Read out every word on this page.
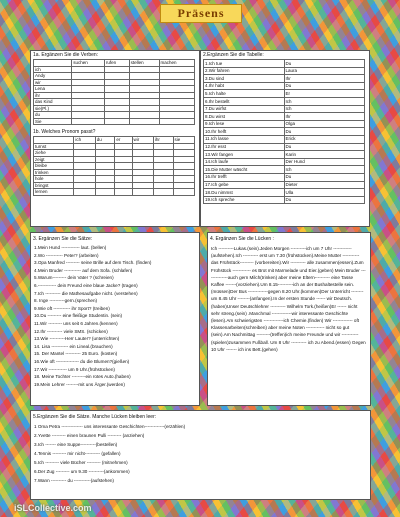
Präsens
1a. Ergänzen Sie die Verben:
	suchen	rufen	stellen	machen
ich				
Andy				
wir				
Lena				
ihr				
das Kind				
sie(Pl.)				
du				
Sie				
1b. Welches Pronom passt?
	ich	du	er	wir	ihr	sie
turnst						
ziehe						
zeigt						
bleibe						
trinken						
hole						
bringst						
lernen						
2.Ergänzen Sie die Tabelle:
1.Ich tue	Du
2.Wir fahren	Laura
3.Du sind	Ihr
4.Ihr habt	Du
5.Ich halte	Er
6.Ihr bestellt	Ich
7.Du wirfst	Ich
8.Du wirst	Ihr
9.Ich lese	Olga
10.Ihr helft	Du
11.Ich lasse	Erick
12.Ihr esst	Du
13.Wir fangen	Karin
14.Ich laufe	Der Hund
15.Die Mutter wäscht	Ich
16.Ihr trefft	Du
17.Ich gebe	Dieter
18.Du nimmst	Ulla
19.Ich spreche	Du
3. Ergänzen Sie die Sätze:
1.Mein Hund ------------ laut. (bellen)
2.Wo ----------- Peter? (arbeiten)
3.Opa Manfred --------- seine Brille auf dem Tisch. (finden)
4.Mein Bruder ----------- auf dem Sofa. (schlafen)
5.Warum--------- dein Vater ? (schreien)
6.------------ dein Freund eine blaue Jacke? (tragen)
7.Ich ---------- die Mathesaufgabe nicht. (verstehen)
8. Inge ----------gern.(sprechen)
9.Wie oft ----------- ihr Sport? (treiben)
10.Du --------- eine fleißige Studentin. (sein)
11.Wir --------- uns seit 6 Jahren.(kennen)
12.Ihr ---------- viele SMS. (schicken)
13.Wie ----------Herr Lauter? (unterrichten)
14. Lisa ----------- ein Lineal.(brauchen)
15. Der Mantel ---------- 25 Euro. (kosten)
16.Wie oft --------------- du die Blumen?(gießen)
17.Wir ------------ um 9 Uhr.(frühstücken)
18. Meine Tochter ---------ein rotes Auto.(haben)
19.Mein Lehrer --------mit uns Ärger.(werden)
4. Ergänzen Sie die Lücken :
Ich ----------Lukas.(sein).Jeden Morgen ----------ich um 7 Uhr ------------(aufstehen).Ich ---------- erst um 7.30 (frühstücken).Meine Mutter ----------- das Frühstück--------- (vorbereiten).Wir ---------- alle zusammen(essen).Zum Frühstück ------------ es Brot mit Marmelade und Eier.(geben) Mein Bruder --------------auch gern Milch(trinken) aber meine Eltern---------- eine Tasse Kaffee -------(vorziehen).Um 8.15----------ich an der Bushaltestelle sein.(müssen)Der Bus -------------gegen 8.20 Uhr.(kommen)Der Unterricht -------- um 8.45 Uhr --------(anfangen).In der ersten Stunde ------ wir Deutsch.(haben)Unser Deutschlehrer ---------- Wilhelm Tork.(heißen)Er ------ nicht sehr streng.(sein) .Manchmal -------------wir interessante Geschichte (lesen).Am schwierigsten -------------ich Chemie.(finden) Wir ------------- oft Klassenarbeiten(schreiben) aber meine Noten ------------ nicht so gut (sein).Am Nachmittag ---------(treffen)ich meine Freunde und wir -----------(spielen)zusammen Fußball. Um 8 Uhr ---------- ich zu Abend.(essen) Gegen 10 Uhr ------- ich ins Bett.(gehen)
5.Ergänzen Sie die Sätze. Manche Lücken bleiben leer:
1 Oma Petra -------------- uns interessante Geschichten-------------(erzählen)
2.Yvette --------- einen braunen Pulli --------- (anziehen)
3.Ich ------- eine Suppe----------(bestellen)
4.Tennis --------- mir nicht---------- (gefallen)
5.Ich --------- viele Bücher --------- (mitnehmen)
6.Der Zug --------- um 9.30 ----------(ankommen)
7.Wann ---------- du -----------(aufstehen)
iSLCollective.com
